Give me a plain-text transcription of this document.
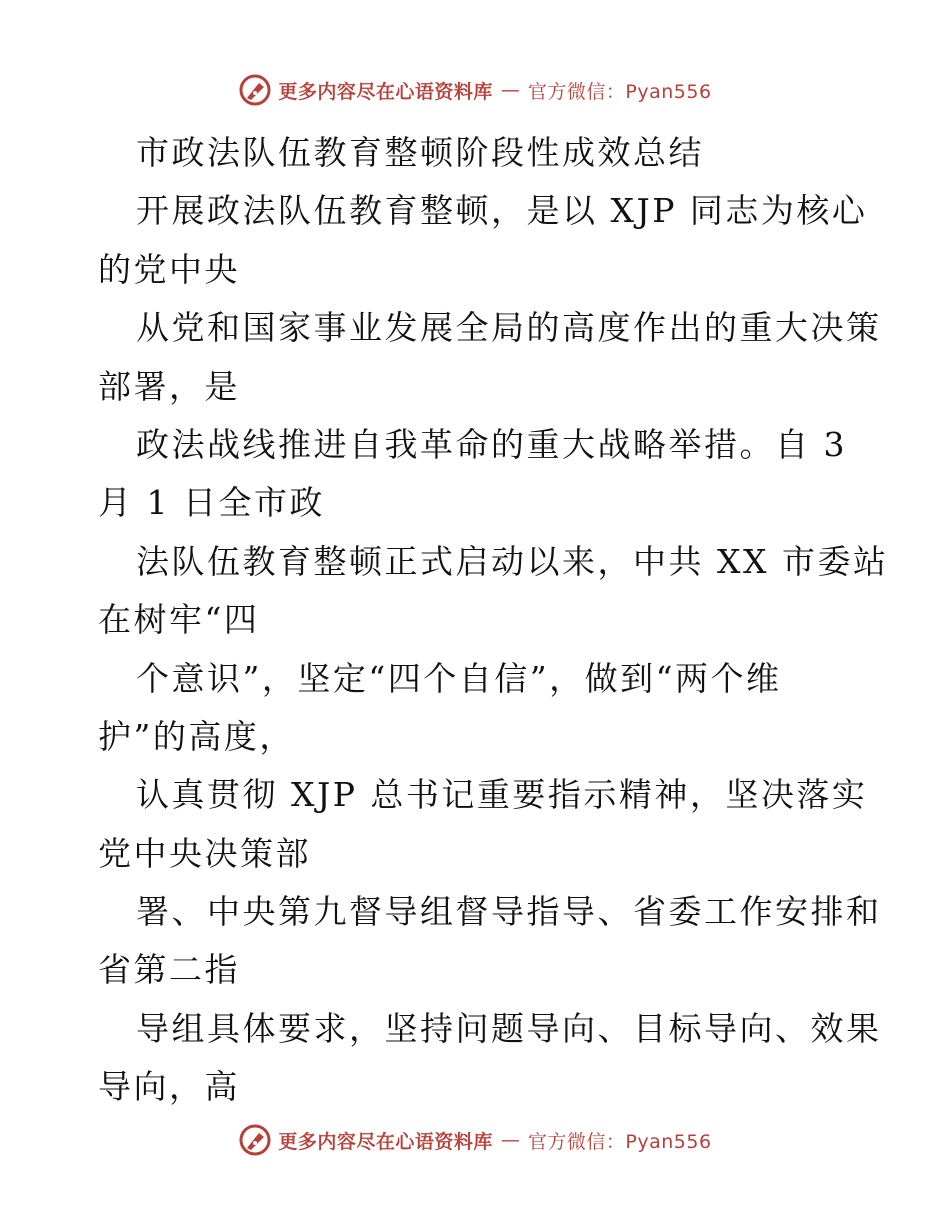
更多内容尽在心语资料库 — 官方微信：Pyan556
市政法队伍教育整顿阶段性成效总结
开展政法队伍教育整顿，是以 XJP 同志为核心
的党中央
从党和国家事业发展全局的高度作出的重大决策
部署，是
政法战线推进自我革命的重大战略举措。自 3
月 1 日全市政
法队伍教育整顿正式启动以来，中共 XX 市委站
在树牢“四
个意识”，坚定“四个自信”，做到“两个维
护”的高度，
认真贯彻 XJP 总书记重要指示精神，坚决落实
党中央决策部
署、中央第九督导组督导指导、省委工作安排和
省第二指
导组具体要求，坚持问题导向、目标导向、效果
导向，高
更多内容尽在心语资料库 — 官方微信：Pyan556
